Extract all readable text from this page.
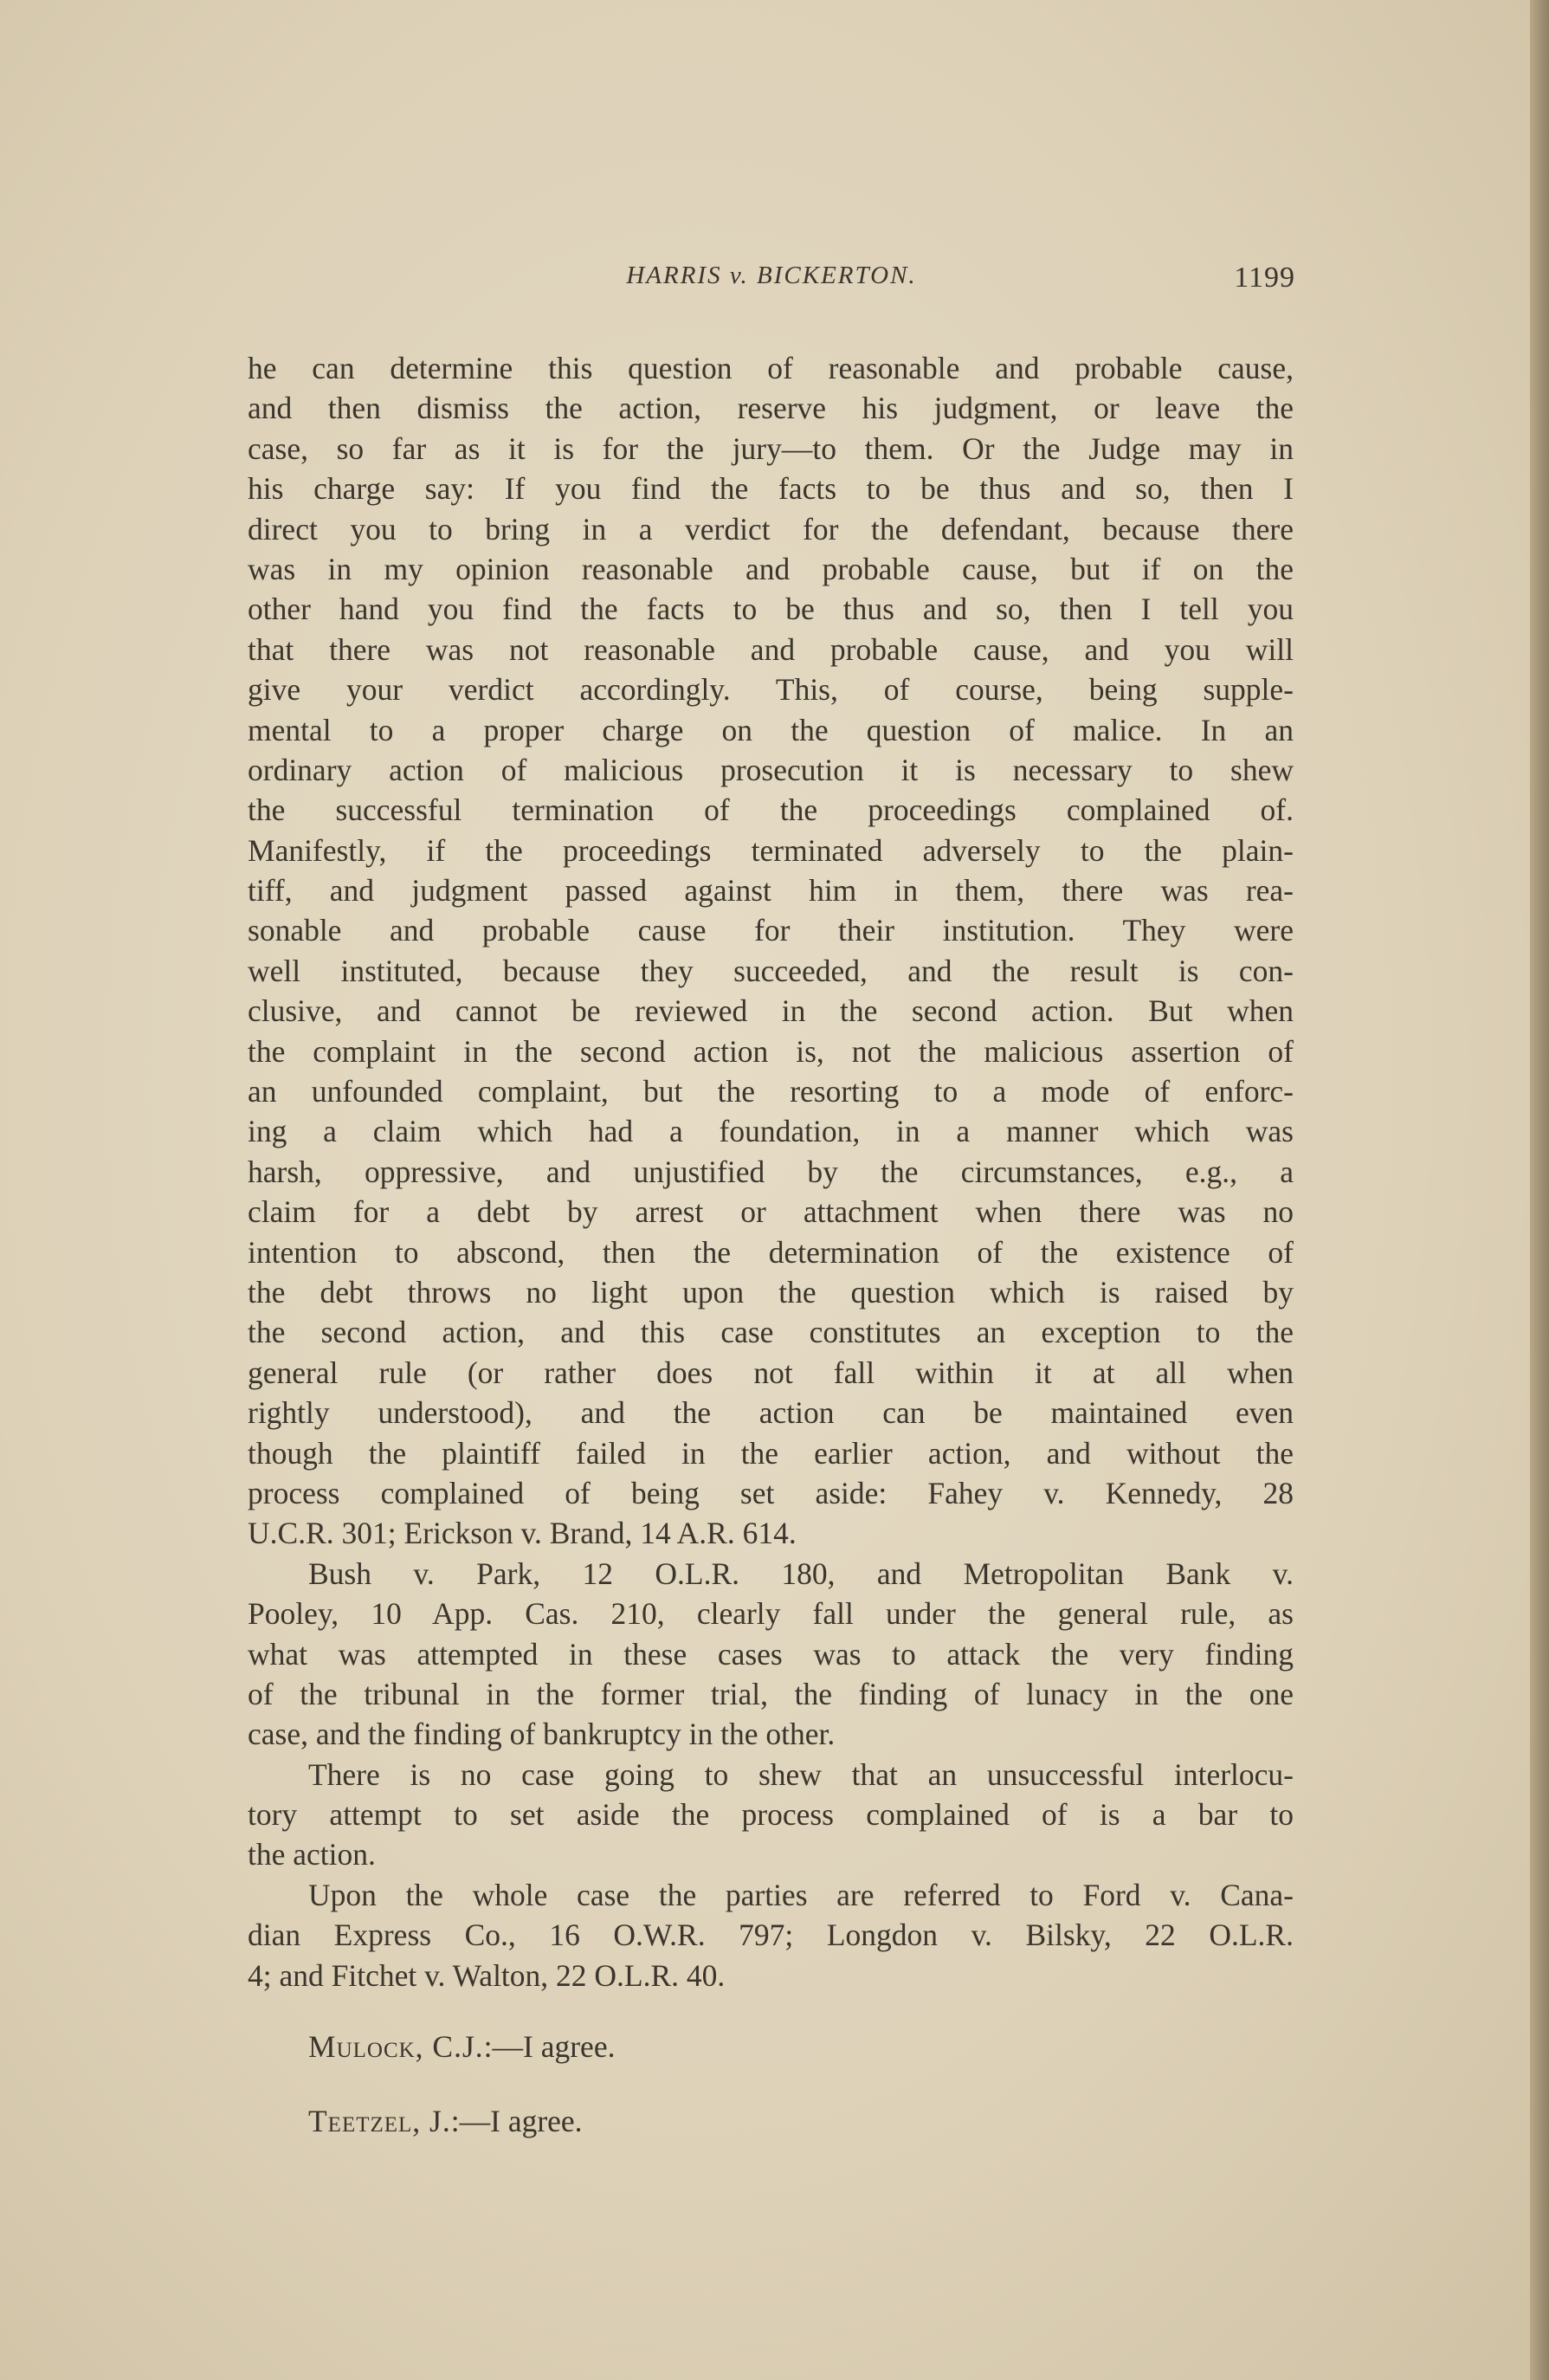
HARRIS v. BICKERTON.	1199
he can determine this question of reasonable and probable cause,
and then dismiss the action, reserve his judgment, or leave the
case, so far as it is for the jury—to them. Or the Judge may in
his charge say: If you find the facts to be thus and so, then I
direct you to bring in a verdict for the defendant, because there
was in my opinion reasonable and probable cause, but if on the
other hand you find the facts to be thus and so, then I tell you
that there was not reasonable and probable cause, and you will
give your verdict accordingly. This, of course, being supple-
mental to a proper charge on the question of malice. In an
ordinary action of malicious prosecution it is necessary to shew
the successful termination of the proceedings complained of.
Manifestly, if the proceedings terminated adversely to the plain-
tiff, and judgment passed against him in them, there was rea-
sonable and probable cause for their institution. They were
well instituted, because they succeeded, and the result is con-
clusive, and cannot be reviewed in the second action. But when
the complaint in the second action is, not the malicious assertion of
an unfounded complaint, but the resorting to a mode of enforc-
ing a claim which had a foundation, in a manner which was
harsh, oppressive, and unjustified by the circumstances, e.g., a
claim for a debt by arrest or attachment when there was no
intention to abscond, then the determination of the existence of
the debt throws no light upon the question which is raised by
the second action, and this case constitutes an exception to the
general rule (or rather does not fall within it at all when
rightly understood), and the action can be maintained even
though the plaintiff failed in the earlier action, and without the
process complained of being set aside: Fahey v. Kennedy, 28
U.C.R. 301; Erickson v. Brand, 14 A.R. 614.
Bush v. Park, 12 O.L.R. 180, and Metropolitan Bank v.
Pooley, 10 App. Cas. 210, clearly fall under the general rule, as
what was attempted in these cases was to attack the very finding
of the tribunal in the former trial, the finding of lunacy in the one
case, and the finding of bankruptcy in the other.
There is no case going to shew that an unsuccessful interlocu-
tory attempt to set aside the process complained of is a bar to
the action.
Upon the whole case the parties are referred to Ford v. Cana-
dian Express Co., 16 O.W.R. 797; Longdon v. Bilsky, 22 O.L.R.
4; and Fitchet v. Walton, 22 O.L.R. 40.
Mulock, C.J.:—I agree.
Teetzel, J.:—I agree.
